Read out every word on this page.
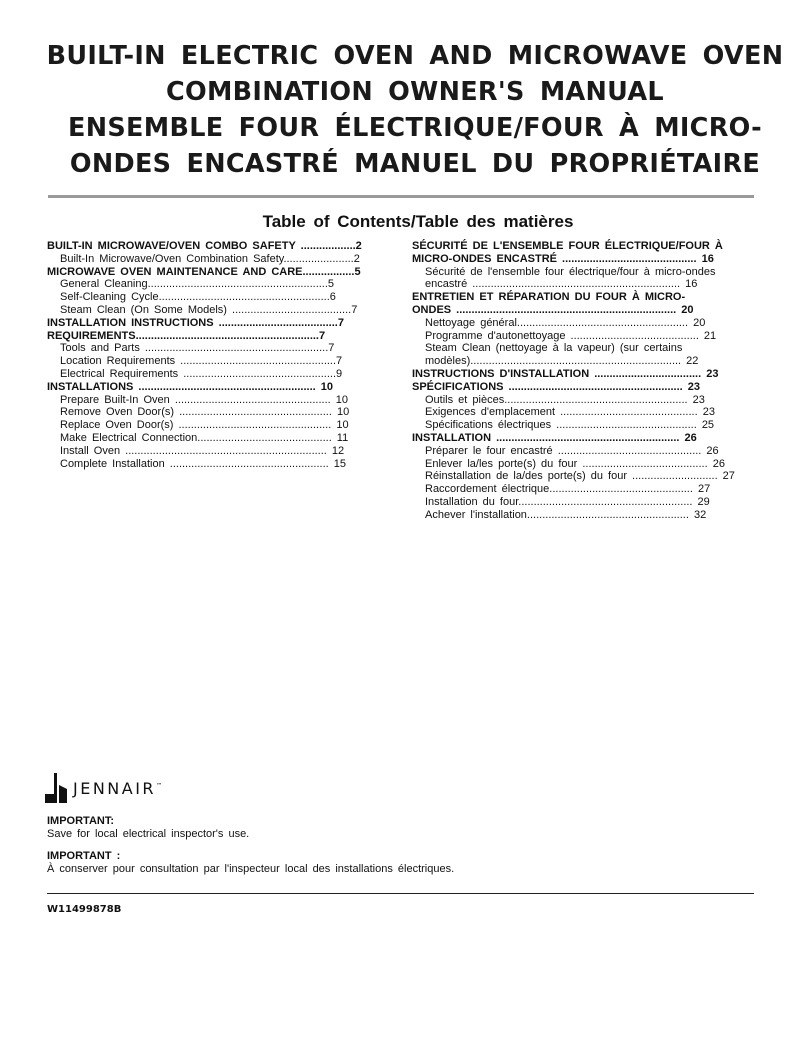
BUILT-IN ELECTRIC OVEN AND MICROWAVE OVEN
COMBINATION OWNER'S MANUAL
ENSEMBLE FOUR ÉLECTRIQUE/FOUR À MICRO-
ONDES ENCASTRÉ MANUEL DU PROPRIÉTAIRE
Table of Contents/Table des matières
BUILT-IN MICROWAVE/OVEN COMBO SAFETY ..................2
Built-In Microwave/Oven Combination Safety.......................2
MICROWAVE OVEN MAINTENANCE AND CARE.................5
General Cleaning...........................................................5
Self-Cleaning Cycle........................................................6
Steam Clean (On Some Models) .......................................7
INSTALLATION INSTRUCTIONS .......................................7
REQUIREMENTS............................................................7
Tools and Parts ............................................................7
Location Requirements ...................................................7
Electrical Requirements ..................................................9
INSTALLATIONS .......................................................... 10
Prepare Built-In Oven ................................................... 10
Remove Oven Door(s) .................................................. 10
Replace Oven Door(s) .................................................. 10
Make Electrical Connection............................................ 11
Install Oven .................................................................. 12
Complete Installation .................................................... 15
SÉCURITÉ DE L'ENSEMBLE FOUR ÉLECTRIQUE/FOUR À
MICRO-ONDES ENCASTRÉ ............................................ 16
Sécurité de l'ensemble four électrique/four à micro-ondes
encastré .................................................................... 16
ENTRETIEN ET RÉPARATION DU FOUR À MICRO-
ONDES ........................................................................ 20
Nettoyage général........................................................ 20
Programme d'autonettoyage .......................................... 21
Steam Clean (nettoyage à la vapeur) (sur certains
modèles)..................................................................... 22
INSTRUCTIONS D'INSTALLATION ................................... 23
SPÉCIFICATIONS ......................................................... 23
Outils et pièces............................................................ 23
Exigences d'emplacement ............................................. 23
Spécifications électriques .............................................. 25
INSTALLATION ............................................................ 26
Préparer le four encastré ............................................... 26
Enlever la/les porte(s) du four ......................................... 26
Réinstallation de la/des porte(s) du four ............................ 27
Raccordement électrique............................................... 27
Installation du four......................................................... 29
Achever l'installation..................................................... 32
JENNAIR™
IMPORTANT:
Save for local electrical inspector's use.
IMPORTANT :
À conserver pour consultation par l'inspecteur local des installations électriques.
W11499878B
